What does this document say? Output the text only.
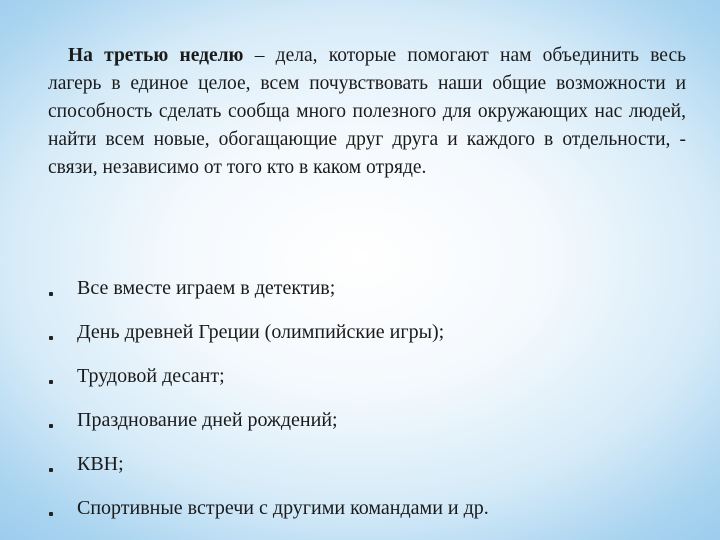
На третью неделю – дела, которые помогают нам объединить весь лагерь в единое целое, всем почувствовать наши общие возможности и способность сделать сообща много полезного для окружающих нас людей, найти всем новые, обогащающие друг друга и каждого в отдельности, - связи, независимо от того кто в каком отряде.

Все вместе играем в детектив;
День древней Греции (олимпийские игры);
Трудовой десант;
Празднование дней рождений;
КВН;
Спортивные встречи с другими командами и др.
